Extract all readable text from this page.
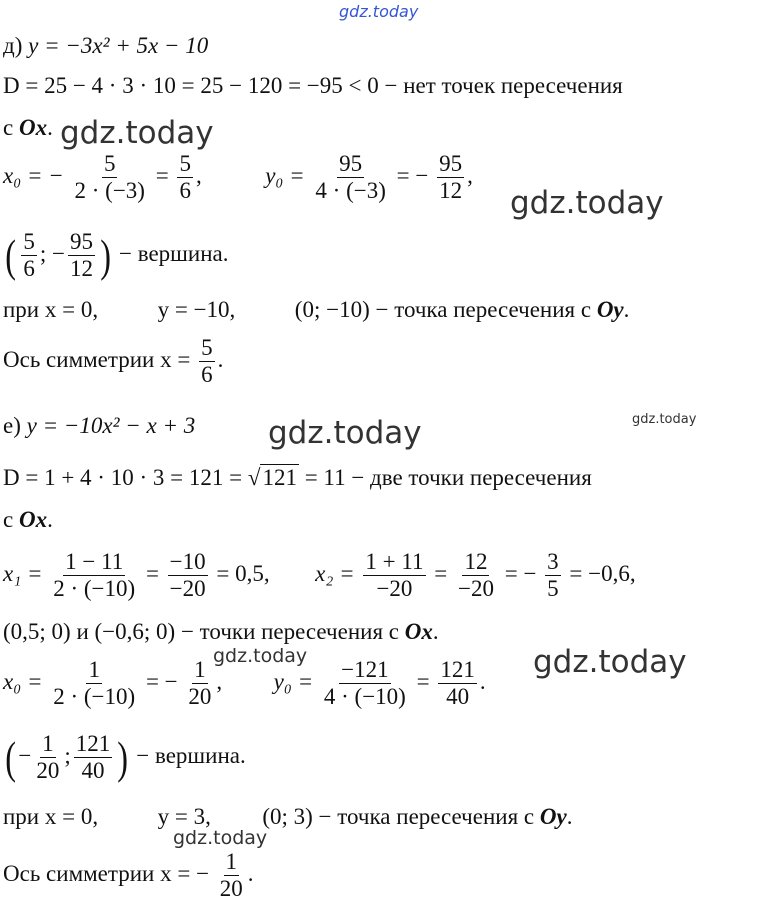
gdz.today
gdz.today
gdz.today
gdz.today
gdz.today
gdz.today	gdz.today
gdz.today
д) y = −3x² + 5x − 10
D = 25 − 4 · 3 · 10 = 25 − 120 = −95 < 0 − нет точек пересечения
с Ox.
x₀ = − $\frac{5}{2 \cdot (-3)} = \frac{5}{6}$ ,	$y_0 = \frac{95}{4 \cdot (-3)}$ = − $\frac{95}{12}$ ,
( $\frac{5}{6}$ ; − $\frac{95}{12}$ ) − вершина.
при x = 0,	y = −10,	(0; −10) − точка пересечения с Oy.
Ось симметрии $x = \frac{5}{6}$ .
е) y = −10x² − x + 3
D = 1 + 4 · 10 · 3 = 121 = √121 = 11 − две точки пересечения
с Ox.
$x_1 = \frac{1 - 11}{2 \cdot (-10)} = \frac{-10}{-20} = 0,5$, $x_2 = \frac{1 + 11}{-20} = \frac{12}{-20}$ = − $\frac{3}{5} = -0,6$,
(0,5; 0) и (−0,6; 0) − точки пересечения с Ox.
$x_0 = \frac{1}{2 \cdot (-10)}$ = − $\frac{1}{20}$ ,  $y_0 = \frac{-121}{4 \cdot (-10)} = \frac{121}{40}$ .
(− $\frac{1}{20}$ ; $\frac{121}{40}$ ) − вершина.
при x = 0,	y = 3, (0; 3) − точка пересечения с Oy.
Ось симметрии x = − $\frac{1}{20}$ .
